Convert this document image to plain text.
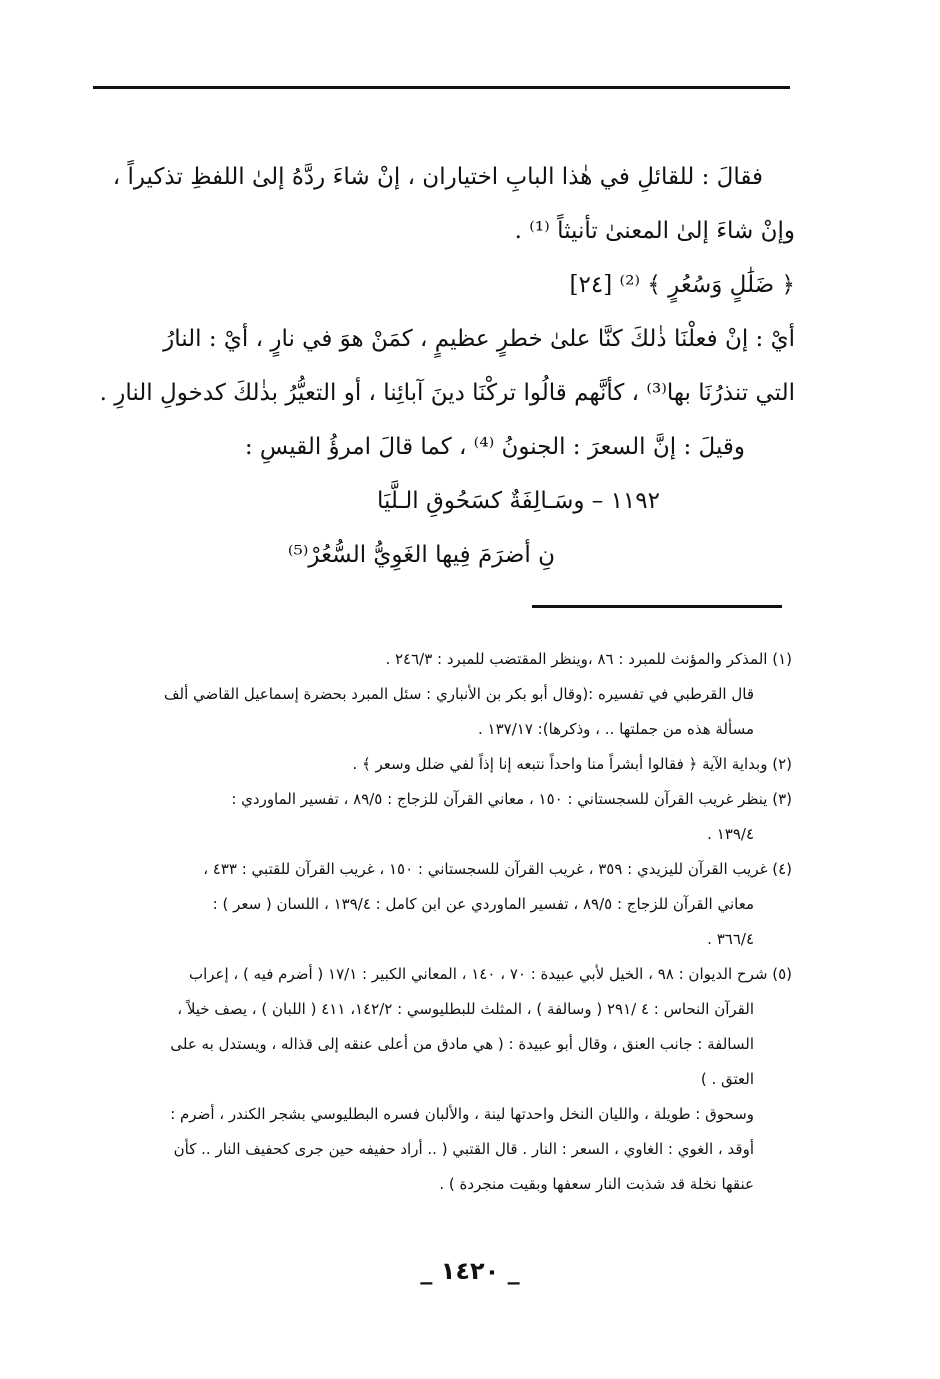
فقالَ : للقائلِ في هٰذا البابِ اختياران ، إنْ شاءَ ردَّهُ إلىٰ اللفظِ تذكيراً ،
وإنْ شاءَ إلىٰ المعنىٰ تأنيثاً ⁽¹⁾ .
﴿ ضَلَٰلٍ وَسُعُرٍ ﴾ ⁽²⁾ [٢٤]
أيْ : إنْ فعلْنَا ذٰلكَ كنَّا علىٰ خطرٍ عظيمٍ ، كمَنْ هوَ في نارٍ ، أيْ : النارُ
التي تنذرُنَا بها⁽³⁾ ، كأنَّهم قالُوا تركْنَا دينَ آبائِنا ، أو التعيُّرُ بذٰلكَ كدخولِ النارِ .
وقيلَ : إنَّ السعرَ : الجنونُ ⁽⁴⁾ ، كما قالَ امرؤُ القيسِ :
١١٩٢ – وسَـالِفَةٌ كسَحُوقِ الـلَّيَا
نِ أضرَمَ فِيها الغَوِيُّ السُّعُرْ⁽⁵⁾
(١) المذكر والمؤنث للمبرد : ٨٦ ،وينظر المقتضب للمبرد : ٢٤٦/٣ .
قال القرطبي في تفسيره :(وقال أبو بكر بن الأنباري : سئل المبرد بحضرة إسماعيل القاضي ألف
مسألة هذه من جملتها .. ، وذكرها): ١٣٧/١٧ .
(٢) وبداية الآية ﴿ فقالوا أبشراً منا واحداً نتبعه إنا إذاً لفي ضلل وسعر ﴾ .
(٣) ينظر غريب القرآن للسجستاني : ١٥٠ ، معاني القرآن للزجاج : ٨٩/٥ ، تفسير الماوردي :
١٣٩/٤ .
(٤) غريب القرآن لليزيدي : ٣٥٩ ، غريب القرآن للسجستاني : ١٥٠ ، غريب القرآن للقتبي : ٤٣٣ ،
معاني القرآن للزجاج : ٨٩/٥ ، تفسير الماوردي عن ابن كامل : ١٣٩/٤ ، اللسان ( سعر ) :
٣٦٦/٤ .
(٥) شرح الديوان : ٩٨ ، الخيل لأبي عبيدة : ٧٠ ، ١٤٠ ، المعاني الكبير : ١٧/١ ( أضرم فيه ) ، إعراب
القرآن النحاس : ٤ /٢٩١ ( وسالفة ) ، المثلث للبطليوسي : ١٤٢/٢، ٤١١ ( اللبان ) ، يصف خيلاً ،
السالفة : جانب العنق ، وقال أبو عبيدة : ( هي مادق من أعلى عنقه إلى قذاله ، ويستدل به على
العتق . )
وسحوق : طويلة ، والليان النخل واحدتها لينة ، والألبان فسره البطليوسي بشجر الكندر ، أضرم :
أوقد ، الغوي : الغاوي ، السعر : النار . قال القتبي ( .. أراد حفيفه حين جرى كحفيف النار .. كأن
عنقها نخلة قد شذبت النار سعفها وبقيت منجردة ) .
_ ١٤٢٠ _
